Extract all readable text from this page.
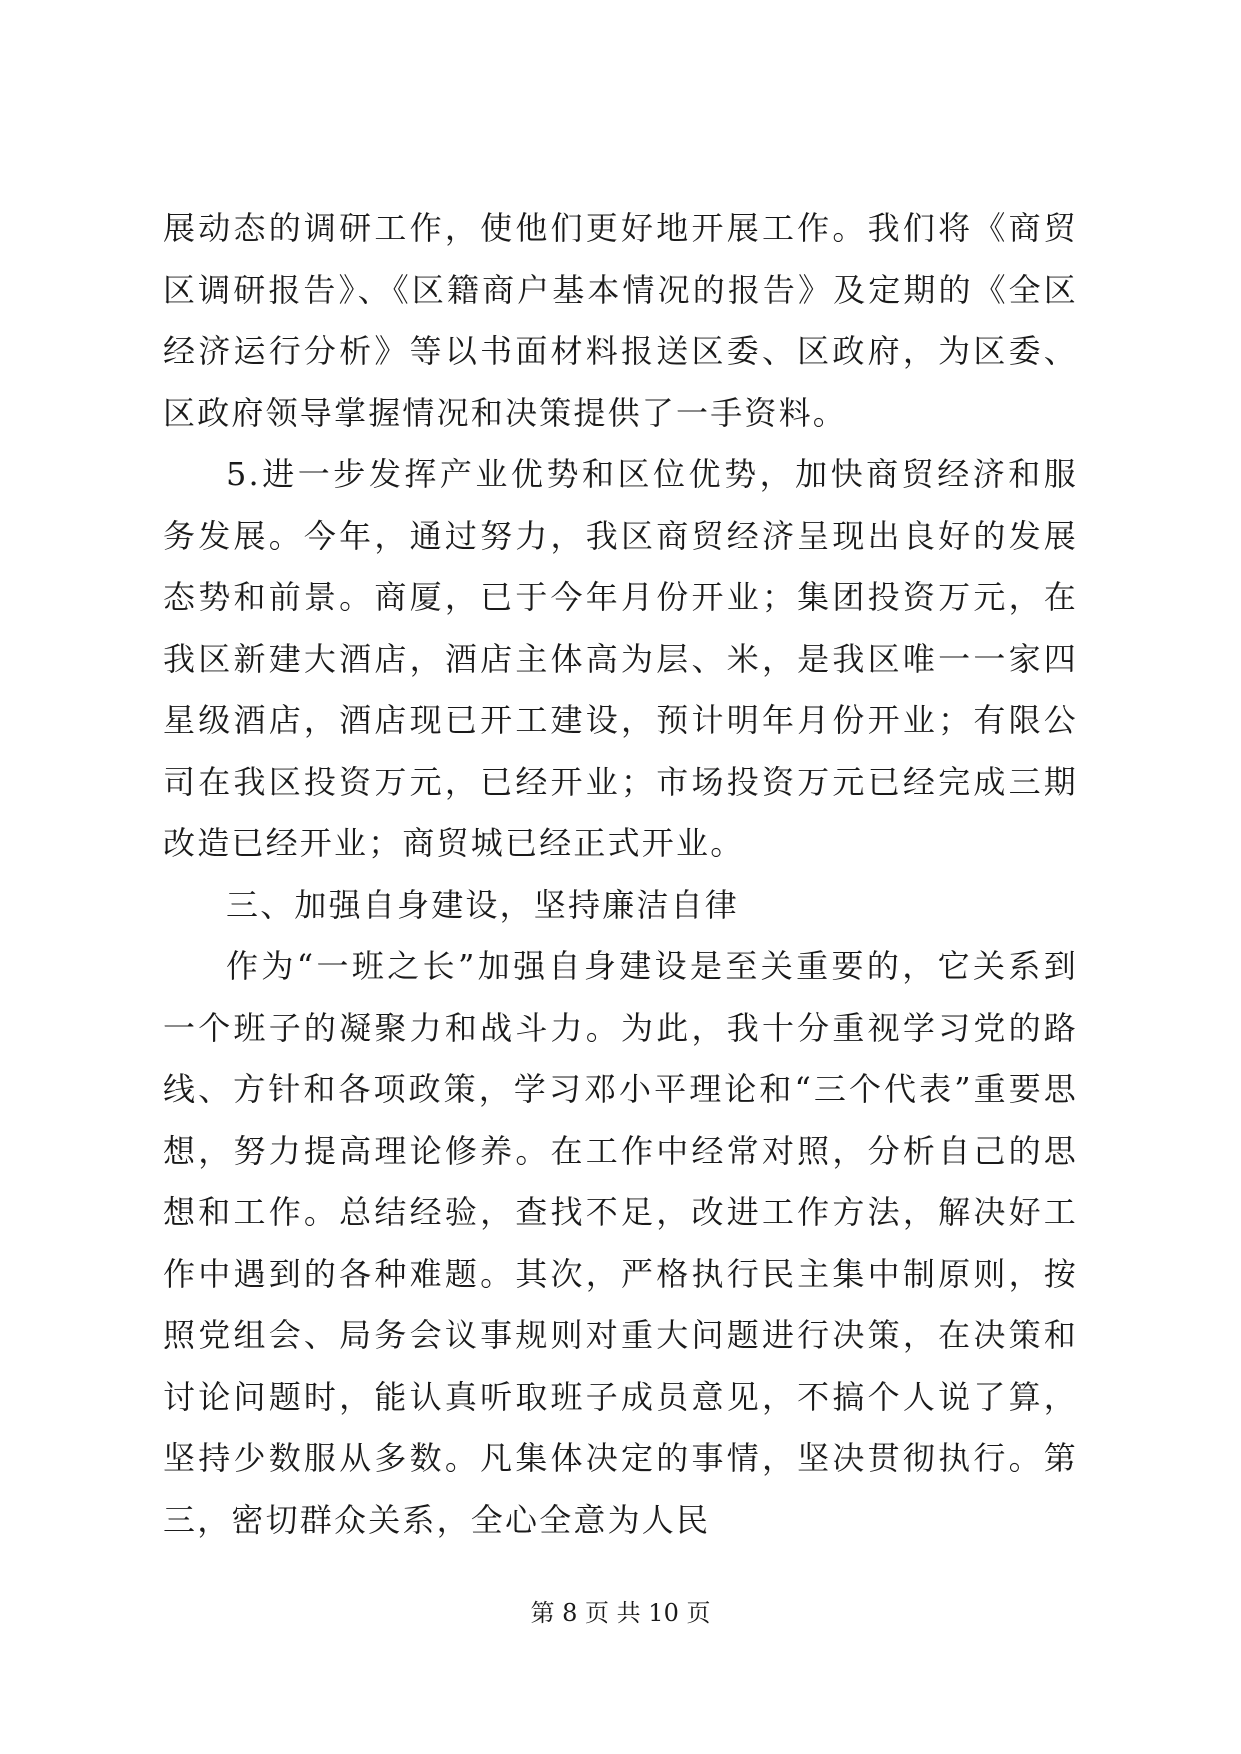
展动态的调研工作，使他们更好地开展工作。我们将《商贸区调研报告》、《区籍商户基本情况的报告》及定期的《全区经济运行分析》等以书面材料报送区委、区政府，为区委、区政府领导掌握情况和决策提供了一手资料。

5.进一步发挥产业优势和区位优势，加快商贸经济和服务发展。今年，通过努力，我区商贸经济呈现出良好的发展态势和前景。商厦，已于今年月份开业；集团投资万元，在我区新建大酒店，酒店主体高为层、米，是我区唯一一家四星级酒店，酒店现已开工建设，预计明年月份开业；有限公司在我区投资万元，已经开业；市场投资万元已经完成三期改造已经开业；商贸城已经正式开业。

三、加强自身建设，坚持廉洁自律

作为“一班之长”加强自身建设是至关重要的，它关系到一个班子的凝聚力和战斗力。为此，我十分重视学习党的路线、方针和各项政策，学习邓小平理论和“三个代表”重要思想，努力提高理论修养。在工作中经常对照，分析自己的思想和工作。总结经验，查找不足，改进工作方法，解决好工作中遇到的各种难题。其次，严格执行民主集中制原则，按照党组会、局务会议事规则对重大问题进行决策，在决策和讨论问题时，能认真听取班子成员意见，不搞个人说了算，坚持少数服从多数。凡集体决定的事情，坚决贯彻执行。第三，密切群众关系，全心全意为人民

第 8 页 共 10 页
